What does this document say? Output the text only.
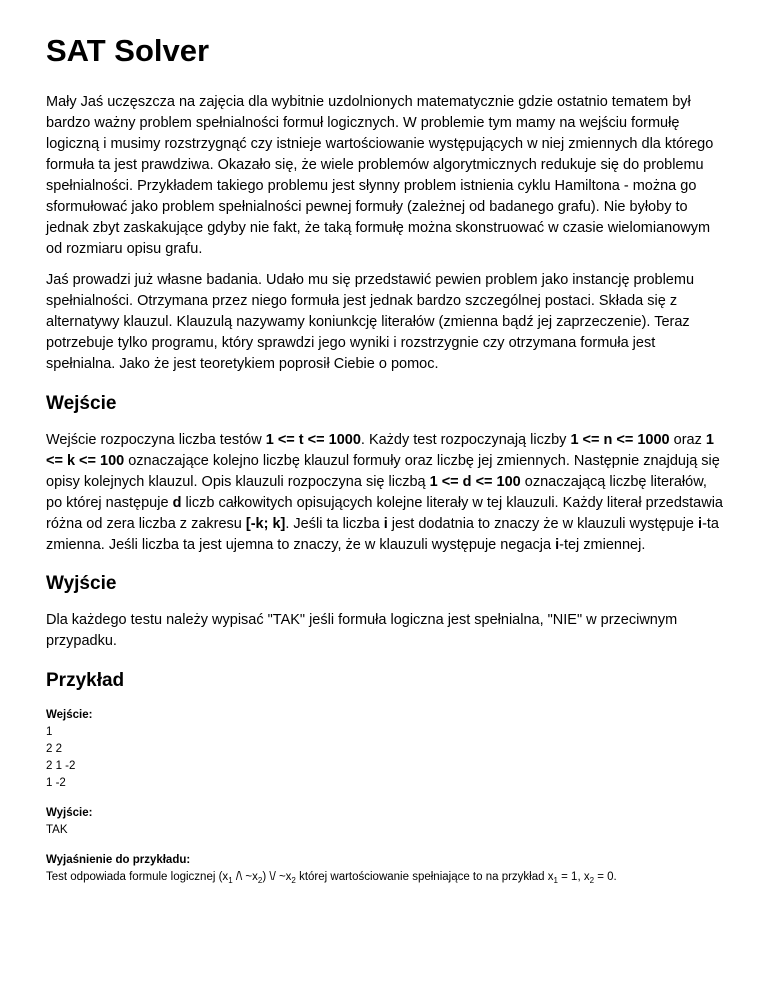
SAT Solver

Mały Jaś uczęszcza na zajęcia dla wybitnie uzdolnionych matematycznie gdzie ostatnio tematem był bardzo ważny problem spełnialności formuł logicznych. W problemie tym mamy na wejściu formułę logiczną i musimy rozstrzygnąć czy istnieje wartościowanie występujących w niej zmiennych dla którego formuła ta jest prawdziwa. Okazało się, że wiele problemów algorytmicznych redukuje się do problemu spełnialności. Przykładem takiego problemu jest słynny problem istnienia cyklu Hamiltona - można go sformułować jako problem spełnialności pewnej formuły (zależnej od badanego grafu). Nie byłoby to jednak zbyt zaskakujące gdyby nie fakt, że taką formułę można skonstruować w czasie wielomianowym od rozmiaru opisu grafu.

Jaś prowadzi już własne badania. Udało mu się przedstawić pewien problem jako instancję problemu spełnialności. Otrzymana przez niego formuła jest jednak bardzo szczególnej postaci. Składa się z alternatywy klauzul. Klauzulą nazywamy koniunkcję literałów (zmienna bądź jej zaprzeczenie). Teraz potrzebuje tylko programu, który sprawdzi jego wyniki i rozstrzygnie czy otrzymana formuła jest spełnialna. Jako że jest teoretykiem poprosił Ciebie o pomoc.

Wejście

Wejście rozpoczyna liczba testów 1 <= t <= 1000. Każdy test rozpoczynają liczby 1 <= n <= 1000 oraz 1 <= k <= 100 oznaczające kolejno liczbę klauzul formuły oraz liczbę jej zmiennych. Następnie znajdują się opisy kolejnych klauzul. Opis klauzuli rozpoczyna się liczbą 1 <= d <= 100 oznaczającą liczbę literałów, po której następuje d liczb całkowitych opisujących kolejne literały w tej klauzuli. Każdy literał przedstawia różna od zera liczba z zakresu [-k; k]. Jeśli ta liczba i jest dodatnia to znaczy że w klauzuli występuje i-ta zmienna. Jeśli liczba ta jest ujemna to znaczy, że w klauzuli występuje negacja i-tej zmiennej.

Wyjście

Dla każdego testu należy wypisać "TAK" jeśli formuła logiczna jest spełnialna, "NIE" w przeciwnym przypadku.

Przykład
Wejście:
1
2 2
2 1 -2
1 -2
Wyjście:
TAK
Wyjaśnienie do przykładu:
Test odpowiada formule logicznej ($x_1$ /\ $\sim x_2$) \/ $\sim x_2$ której wartościowanie spełniające to na przykład $x_1 = 1$, $x_2 = 0$.
